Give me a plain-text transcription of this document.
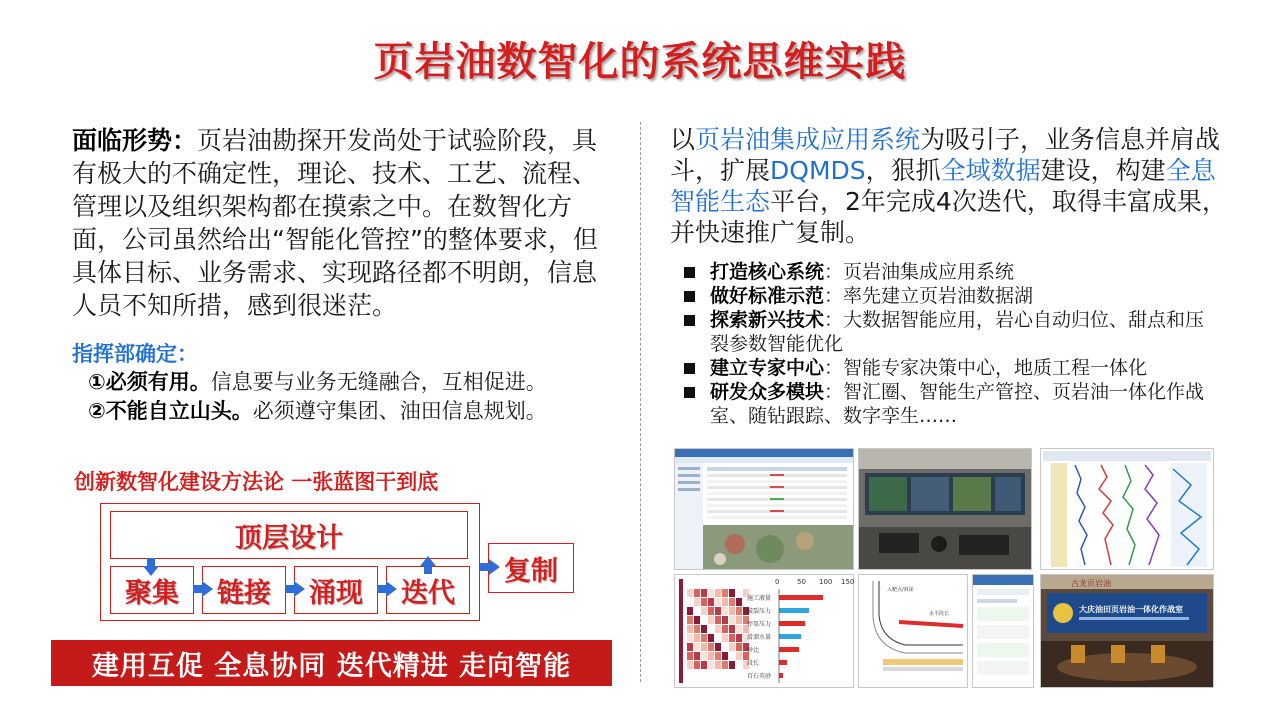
页岩油数智化的系统思维实践
面临形势：页岩油勘探开发尚处于试验阶段，具有极大的不确定性，理论、技术、工艺、流程、管理以及组织架构都在摸索之中。在数智化方面，公司虽然给出“智能化管控”的整体要求，但具体目标、业务需求、实现路径都不明朗，信息人员不知所措，感到很迷茫。
指挥部确定：
①必须有用。信息要与业务无缝融合，互相促进。
②不能自立山头。必须遵守集团、油田信息规划。
创新数智化建设方法论 一张蓝图干到底
顶层设计
聚集	链接	涌现	迭代
复制
建用互促 全息协同 迭代精进 走向智能
以页岩油集成应用系统为吸引子，业务信息并肩战斗，扩展DQMDS，狠抓全域数据建设，构建全息智能生态平台，2年完成4次迭代，取得丰富成果，并快速推广复制。
打造核心系统：页岩油集成应用系统
做好标准示范：率先建立页岩油数据湖
探索新兴技术：大数据智能应用，岩心自动归位、甜点和压裂参数智能优化
建立专家中心：智能专家决策中心，地质工程一体化
研发众多模块：智汇圈、智能生产管控、页岩油一体化作战室、随钻跟踪、数字孪生……
0	50 100 150
施工液量
破裂压力
停泵压力
滑溜水量
砂比
段长
百石英砂
入靶点/斜深
水平段长
古龙页岩油
大庆油田页岩油一体化作战室
